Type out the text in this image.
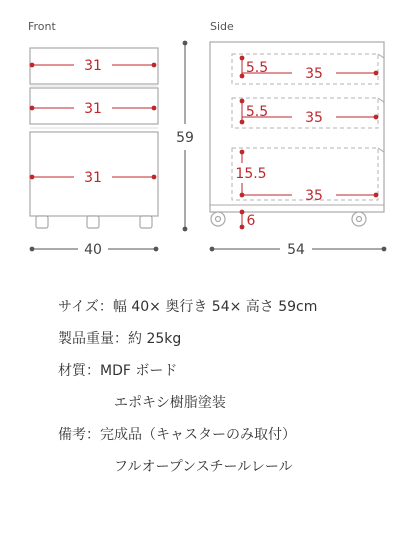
Front	Side
31
31
31
40
59
5.5	35
5.5	35
15.5
35
6
54
サイズ：幅 40× 奥行き 54× 高さ 59cm
製品重量：約 25kg
材質：MDF ボード
エポキシ樹脂塗装
備考：完成品（キャスターのみ取付）
フルオープンスチールレール
